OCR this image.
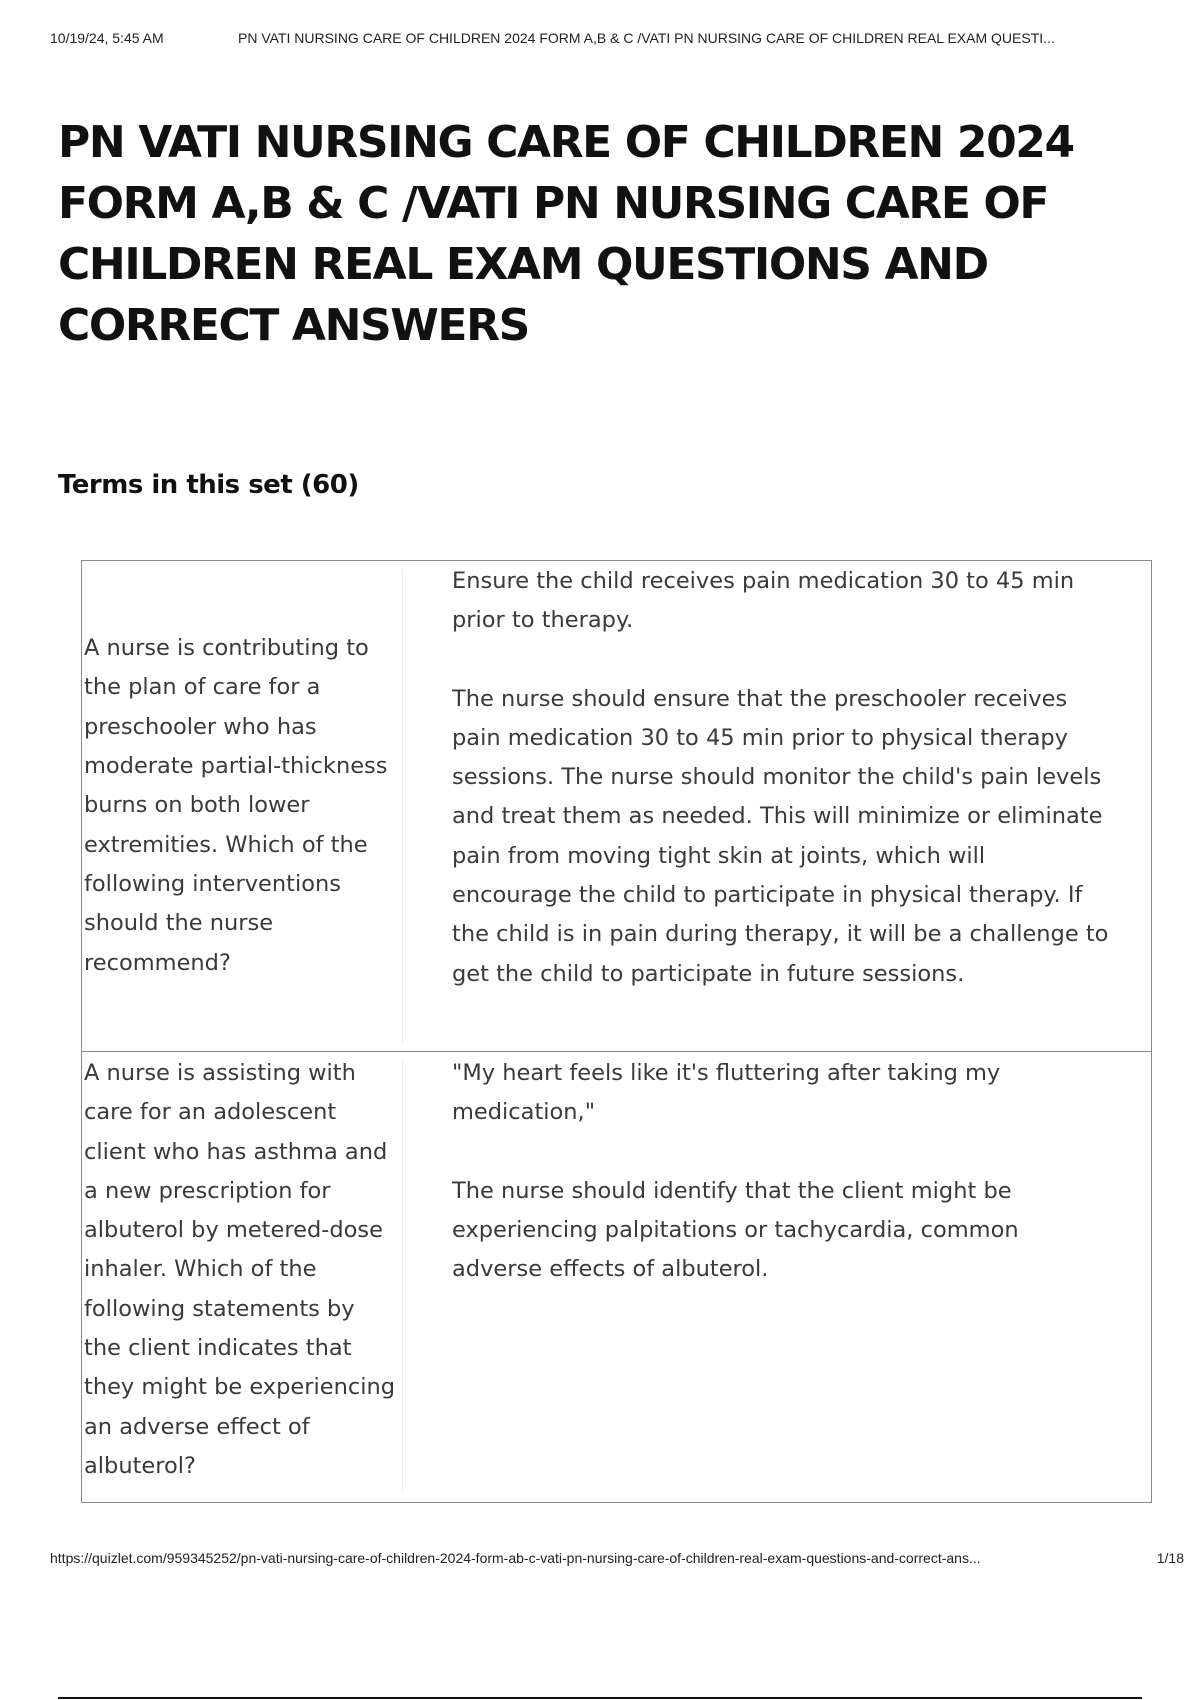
10/19/24, 5:45 AM	PN VATI NURSING CARE OF CHILDREN 2024 FORM A,B & C /VATI PN NURSING CARE OF CHILDREN REAL EXAM QUESTI...
PN VATI NURSING CARE OF CHILDREN 2024 FORM A,B & C /VATI PN NURSING CARE OF CHILDREN REAL EXAM QUESTIONS AND CORRECT ANSWERS
Terms in this set (60)
A nurse is contributing to the plan of care for a preschooler who has moderate partial-thickness burns on both lower extremities. Which of the following interventions should the nurse recommend?

Ensure the child receives pain medication 30 to 45 min prior to therapy.

The nurse should ensure that the preschooler receives pain medication 30 to 45 min prior to physical therapy sessions. The nurse should monitor the child's pain levels and treat them as needed. This will minimize or eliminate pain from moving tight skin at joints, which will encourage the child to participate in physical therapy. If the child is in pain during therapy, it will be a challenge to get the child to participate in future sessions.

A nurse is assisting with care for an adolescent client who has asthma and a new prescription for albuterol by metered-dose inhaler. Which of the following statements by the client indicates that they might be experiencing an adverse effect of albuterol?

"My heart feels like it's fluttering after taking my medication,"

The nurse should identify that the client might be experiencing palpitations or tachycardia, common adverse effects of albuterol.

https://quizlet.com/959345252/pn-vati-nursing-care-of-children-2024-form-ab-c-vati-pn-nursing-care-of-children-real-exam-questions-and-correct-ans...	1/18
